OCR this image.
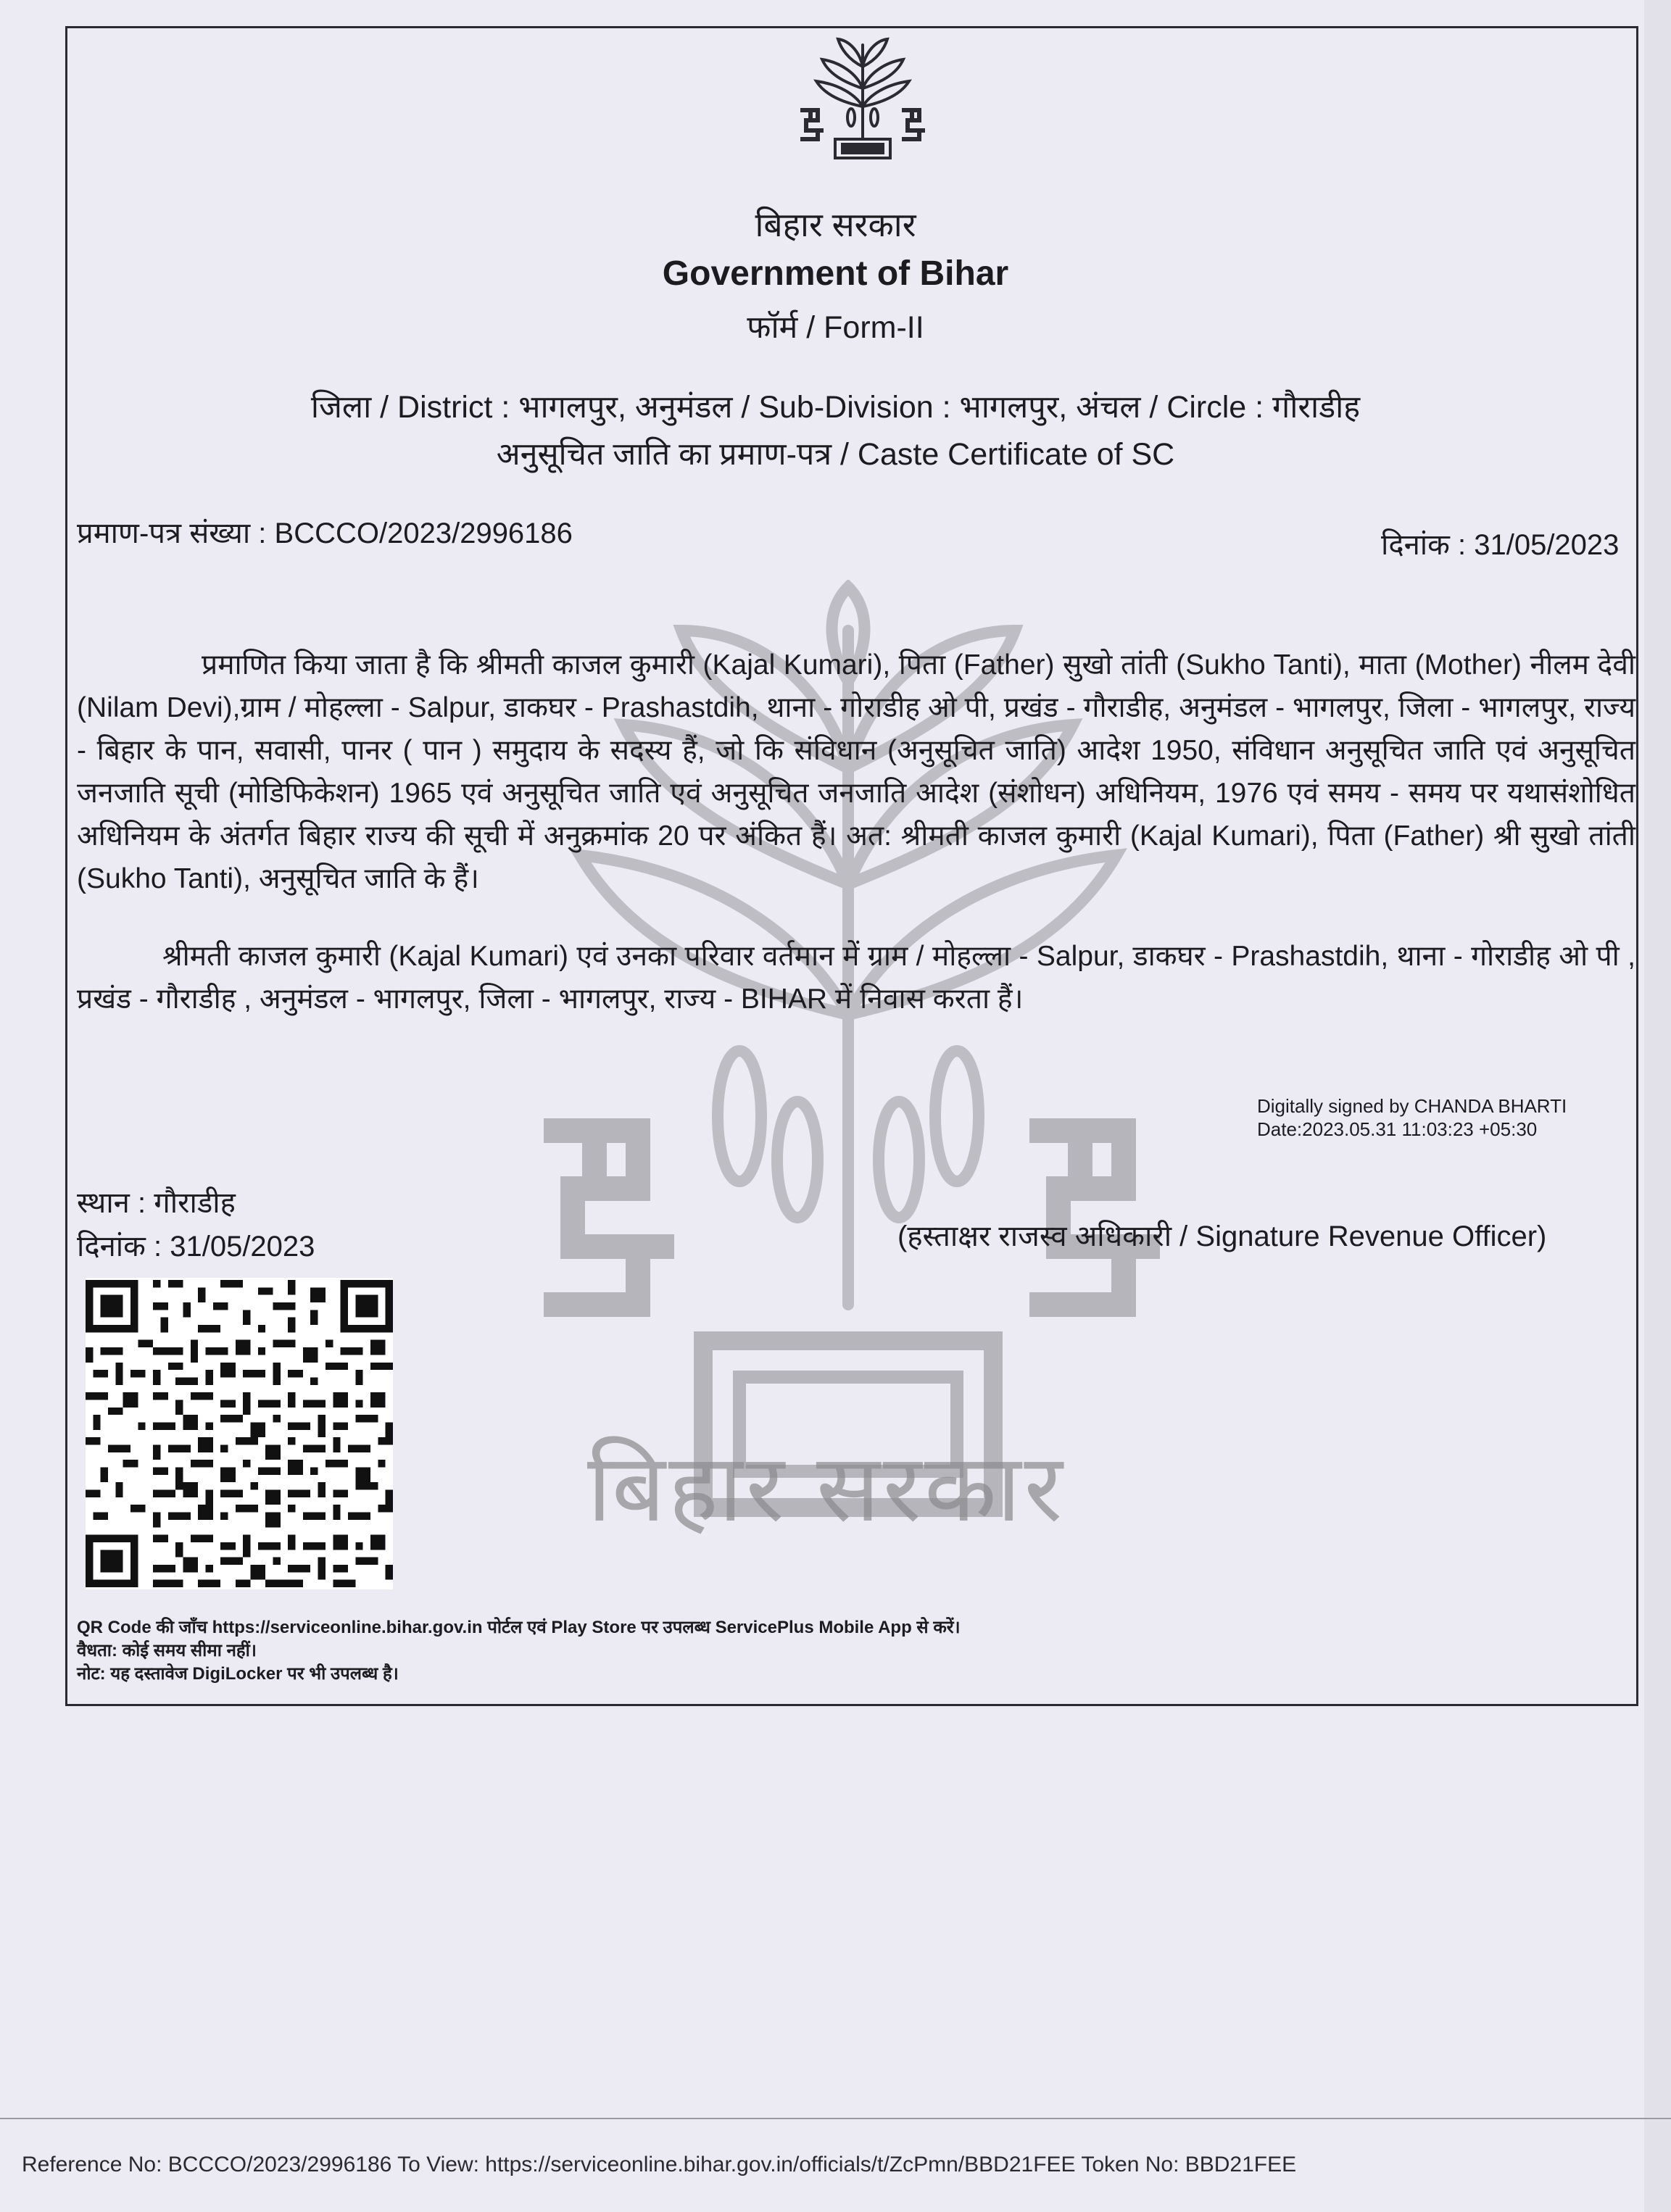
बिहार सरकार
बिहार सरकार
Government of Bihar
फॉर्म / Form-II
जिला / District : भागलपुर, अनुमंडल / Sub-Division : भागलपुर, अंचल / Circle : गौराडीह
अनुसूचित जाति का प्रमाण-पत्र / Caste Certificate of SC
प्रमाण-पत्र संख्या : BCCCO/2023/2996186	दिनांक : 31/05/2023
प्रमाणित किया जाता है कि श्रीमती काजल कुमारी (Kajal Kumari), पिता (Father) सुखो तांती (Sukho Tanti), माता (Mother) नीलम देवी (Nilam Devi),ग्राम / मोहल्ला - Salpur, डाकघर - Prashastdih, थाना - गोराडीह ओ पी, प्रखंड - गौराडीह, अनुमंडल - भागलपुर, जिला - भागलपुर, राज्य - बिहार के पान, सवासी, पानर ( पान ) समुदाय के सदस्य हैं, जो कि संविधान (अनुसूचित जाति) आदेश 1950, संविधान अनुसूचित जाति एवं अनुसूचित जनजाति सूची (मोडिफिकेशन) 1965 एवं अनुसूचित जाति एवं अनुसूचित जनजाति आदेश (संशोधन) अधिनियम, 1976 एवं समय - समय पर यथासंशोधित अधिनियम के अंतर्गत बिहार राज्य की सूची में अनुक्रमांक 20 पर अंकित हैं। अत: श्रीमती काजल कुमारी (Kajal Kumari), पिता (Father) श्री सुखो तांती (Sukho Tanti), अनुसूचित जाति के हैं।
श्रीमती काजल कुमारी (Kajal Kumari) एवं उनका परिवार वर्तमान में ग्राम / मोहल्ला - Salpur, डाकघर - Prashastdih, थाना - गोराडीह ओ पी , प्रखंड - गौराडीह , अनुमंडल - भागलपुर, जिला - भागलपुर, राज्य - BIHAR में निवास करता हैं।
Digitally signed by CHANDA BHARTI
Date:2023.05.31 11:03:23 +05:30
स्थान : गौराडीह
दिनांक : 31/05/2023	(हस्ताक्षर राजस्व अधिकारी / Signature Revenue Officer)
QR Code की जाँच https://serviceonline.bihar.gov.in पोर्टल एवं Play Store पर उपलब्ध ServicePlus Mobile App से करें।
वैधता: कोई समय सीमा नहीं।
नोट: यह दस्तावेज DigiLocker पर भी उपलब्ध है।
Reference No: BCCCO/2023/2996186 To View: https://serviceonline.bihar.gov.in/officials/t/ZcPmn/BBD21FEE Token No: BBD21FEE
